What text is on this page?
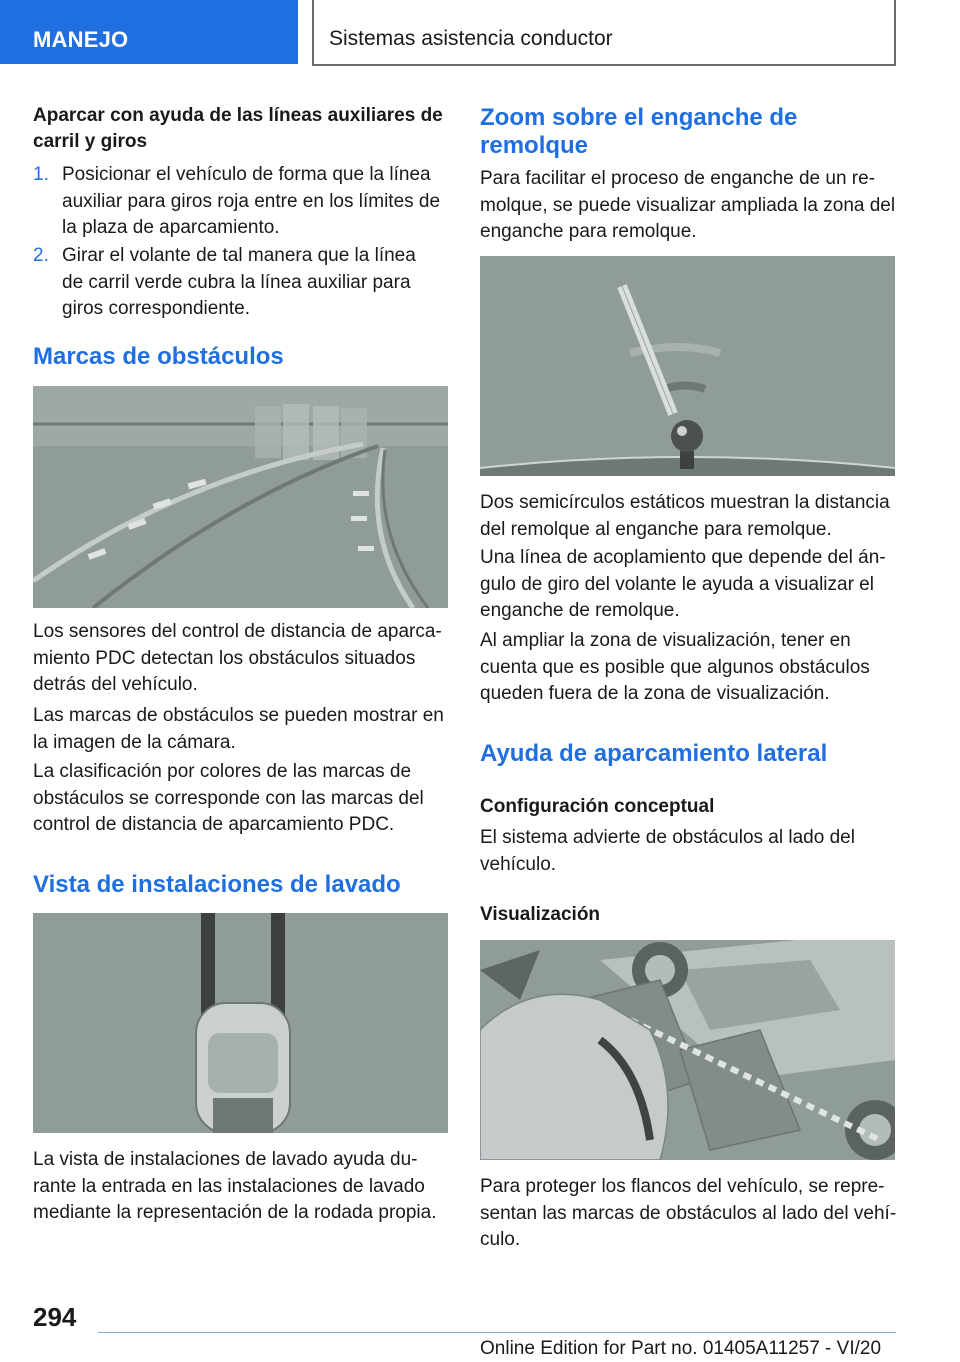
MANEJO	Sistemas asistencia conductor
Aparcar con ayuda de las líneas auxiliares de carril y giros
1. Posicionar el vehículo de forma que la línea auxiliar para giros roja entre en los límites de la plaza de aparcamiento.
2. Girar el volante de tal manera que la línea de carril verde cubra la línea auxiliar para giros correspondiente.
Marcas de obstáculos
Los sensores del control de distancia de aparcamiento PDC detectan los obstáculos situados detrás del vehículo.
Las marcas de obstáculos se pueden mostrar en la imagen de la cámara.
La clasificación por colores de las marcas de obstáculos se corresponde con las marcas del control de distancia de aparcamiento PDC.
Vista de instalaciones de lavado
La vista de instalaciones de lavado ayuda durante la entrada en las instalaciones de lavado mediante la representación de la rodada propia.
Zoom sobre el enganche de remolque
Para facilitar el proceso de enganche de un remolque, se puede visualizar ampliada la zona del enganche para remolque.
Dos semicírculos estáticos muestran la distancia del remolque al enganche para remolque.
Una línea de acoplamiento que depende del ángulo de giro del volante le ayuda a visualizar el enganche de remolque.
Al ampliar la zona de visualización, tener en cuenta que es posible que algunos obstáculos queden fuera de la zona de visualización.
Ayuda de aparcamiento lateral
Configuración conceptual
El sistema advierte de obstáculos al lado del vehículo.
Visualización
Para proteger los flancos del vehículo, se representan las marcas de obstáculos al lado del vehículo.
294
Online Edition for Part no. 01405A11257 - VI/20
